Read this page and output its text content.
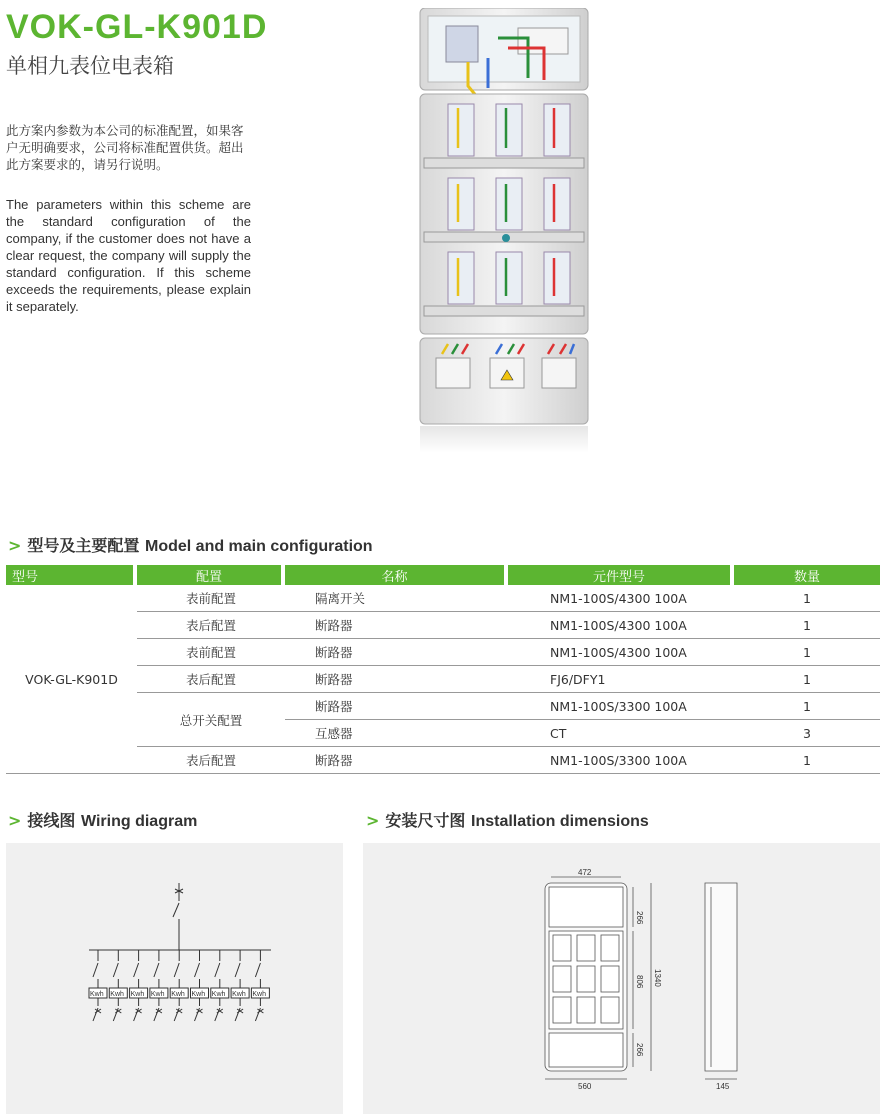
VOK-GL-K901D
单相九表位电表箱
此方案内参数为本公司的标准配置，如果客户无明确要求，公司将标准配置供货。超出此方案要求的，请另行说明。
The parameters within this scheme are the standard configuration of the company, if the customer does not have a clear request, the company will supply the standard configuration. If this scheme exceeds the requirements, please explain it separately.
> 型号及主要配置 Model and main configuration
型号	配置	名称	元件型号	数量
VOK-GL-K901D	表前配置	隔离开关	NM1-100S/4300 100A	1
	表后配置	断路器	NM1-100S/4300 100A	1
	表前配置	断路器	NM1-100S/4300 100A	1
	表后配置	断路器	FJ6/DFY1	1
	总开关配置	断路器	NM1-100S/3300 100A	1
		互感器	CT	3
	表后配置	断路器	NM1-100S/3300 100A	1
> 接线图 Wiring diagram	> 安装尺寸图 Installation dimensions
Kwh Kwh Kwh Kwh Kwh Kwh Kwh Kwh Kwh
472
560
266
806 1340
266
145
